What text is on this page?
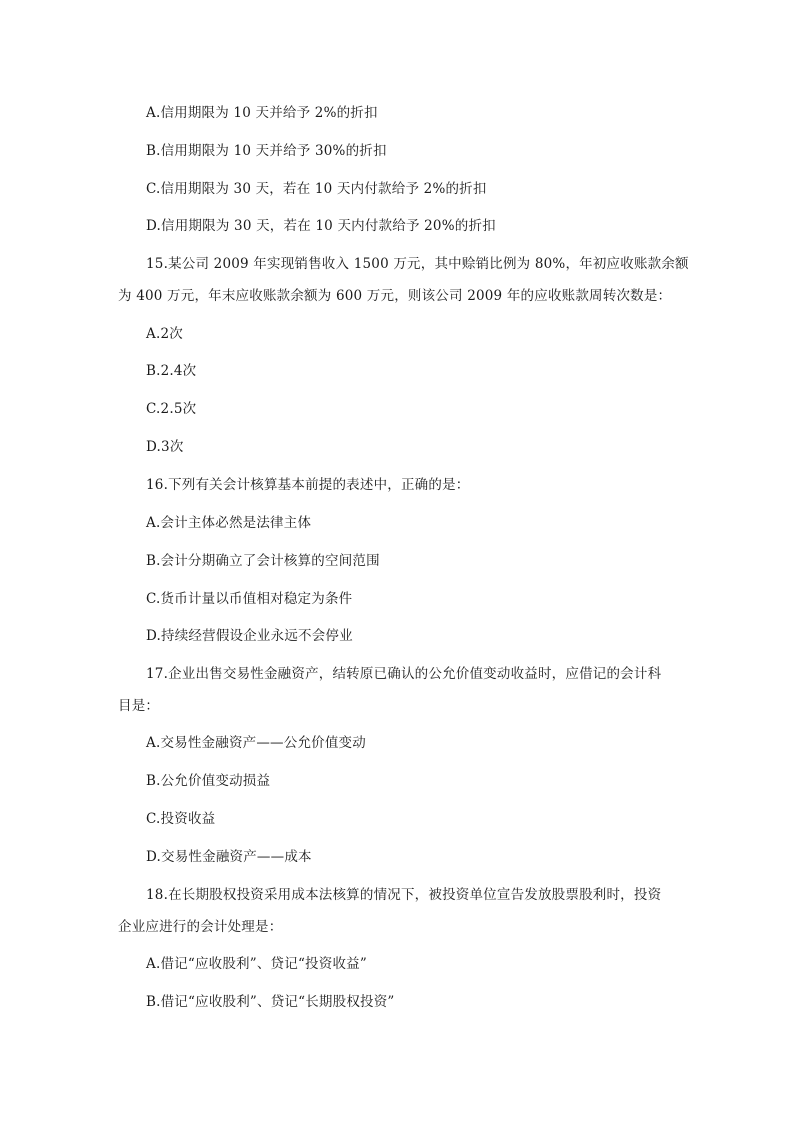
A.信用期限为 10 天并给予 2%的折扣
B.信用期限为 10 天并给予 30%的折扣
C.信用期限为 30 天，若在 10 天内付款给予 2%的折扣
D.信用期限为 30 天，若在 10 天内付款给予 20%的折扣
15.某公司 2009 年实现销售收入 1500 万元，其中赊销比例为 80%，年初应收账款余额
为 400 万元，年末应收账款余额为 600 万元，则该公司 2009 年的应收账款周转次数是：
A.2次
B.2.4次
C.2.5次
D.3次
16.下列有关会计核算基本前提的表述中，正确的是：
A.会计主体必然是法律主体
B.会计分期确立了会计核算的空间范围
C.货币计量以币值相对稳定为条件
D.持续经营假设企业永远不会停业
17.企业出售交易性金融资产，结转原已确认的公允价值变动收益时，应借记的会计科
目是：
A.交易性金融资产——公允价值变动
B.公允价值变动损益
C.投资收益
D.交易性金融资产——成本
18.在长期股权投资采用成本法核算的情况下，被投资单位宣告发放股票股利时，投资
企业应进行的会计处理是：
A.借记“应收股利”、贷记“投资收益”
B.借记“应收股利”、贷记“长期股权投资”
